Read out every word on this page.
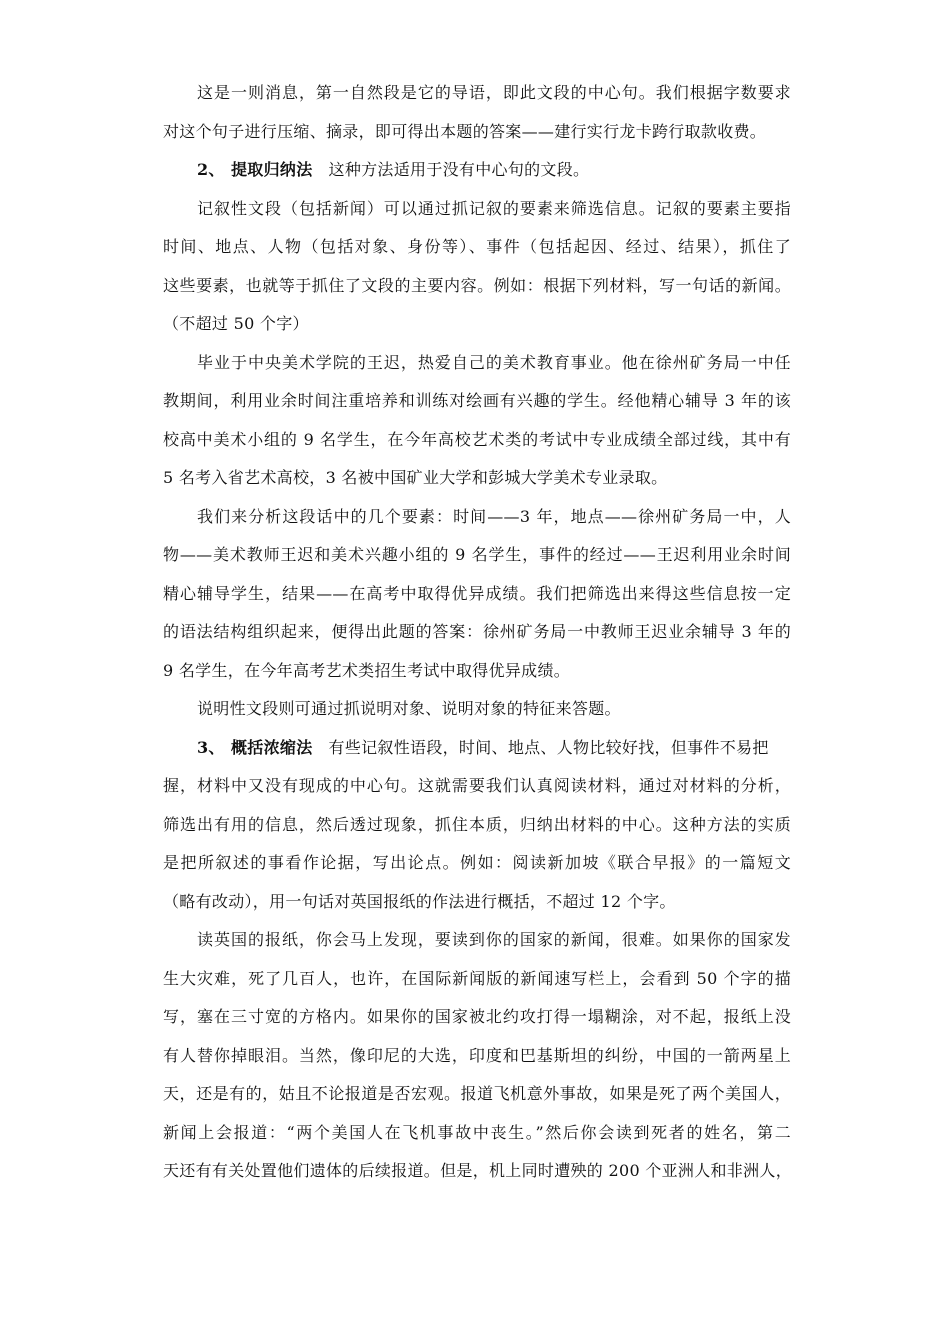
这是一则消息，第一自然段是它的导语，即此文段的中心句。我们根据字数要求
对这个句子进行压缩、摘录，即可得出本题的答案——建行实行龙卡跨行取款收费。
2、 提取归纳法 这种方法适用于没有中心句的文段。
记叙性文段（包括新闻）可以通过抓记叙的要素来筛选信息。记叙的要素主要指
时间、地点、人物（包括对象、身份等）、事件（包括起因、经过、结果），抓住了
这些要素，也就等于抓住了文段的主要内容。例如：根据下列材料，写一句话的新闻。
（不超过 50 个字）
毕业于中央美术学院的王迟，热爱自己的美术教育事业。他在徐州矿务局一中任
教期间，利用业余时间注重培养和训练对绘画有兴趣的学生。经他精心辅导 3 年的该
校高中美术小组的 9 名学生，在今年高校艺术类的考试中专业成绩全部过线，其中有
5 名考入省艺术高校，3 名被中国矿业大学和彭城大学美术专业录取。
我们来分析这段话中的几个要素：时间——3 年，地点——徐州矿务局一中，人
物——美术教师王迟和美术兴趣小组的 9 名学生，事件的经过——王迟利用业余时间
精心辅导学生，结果——在高考中取得优异成绩。我们把筛选出来得这些信息按一定
的语法结构组织起来，便得出此题的答案：徐州矿务局一中教师王迟业余辅导 3 年的
9 名学生，在今年高考艺术类招生考试中取得优异成绩。
说明性文段则可通过抓说明对象、说明对象的特征来答题。
3、 概括浓缩法 有些记叙性语段，时间、地点、人物比较好找，但事件不易把
握，材料中又没有现成的中心句。这就需要我们认真阅读材料，通过对材料的分析，
筛选出有用的信息，然后透过现象，抓住本质，归纳出材料的中心。这种方法的实质
是把所叙述的事看作论据，写出论点。例如：阅读新加坡《联合早报》的一篇短文
（略有改动），用一句话对英国报纸的作法进行概括，不超过 12 个字。
读英国的报纸，你会马上发现，要读到你的国家的新闻，很难。如果你的国家发
生大灾难，死了几百人，也许，在国际新闻版的新闻速写栏上，会看到 50 个字的描
写，塞在三寸宽的方格内。如果你的国家被北约攻打得一塌糊涂，对不起，报纸上没
有人替你掉眼泪。当然，像印尼的大选，印度和巴基斯坦的纠纷，中国的一箭两星上
天，还是有的，姑且不论报道是否宏观。报道飞机意外事故，如果是死了两个美国人，
新闻上会报道：“两个美国人在飞机事故中丧生。”然后你会读到死者的姓名，第二
天还有有关处置他们遗体的后续报道。但是，机上同时遭殃的 200 个亚洲人和非洲人，
